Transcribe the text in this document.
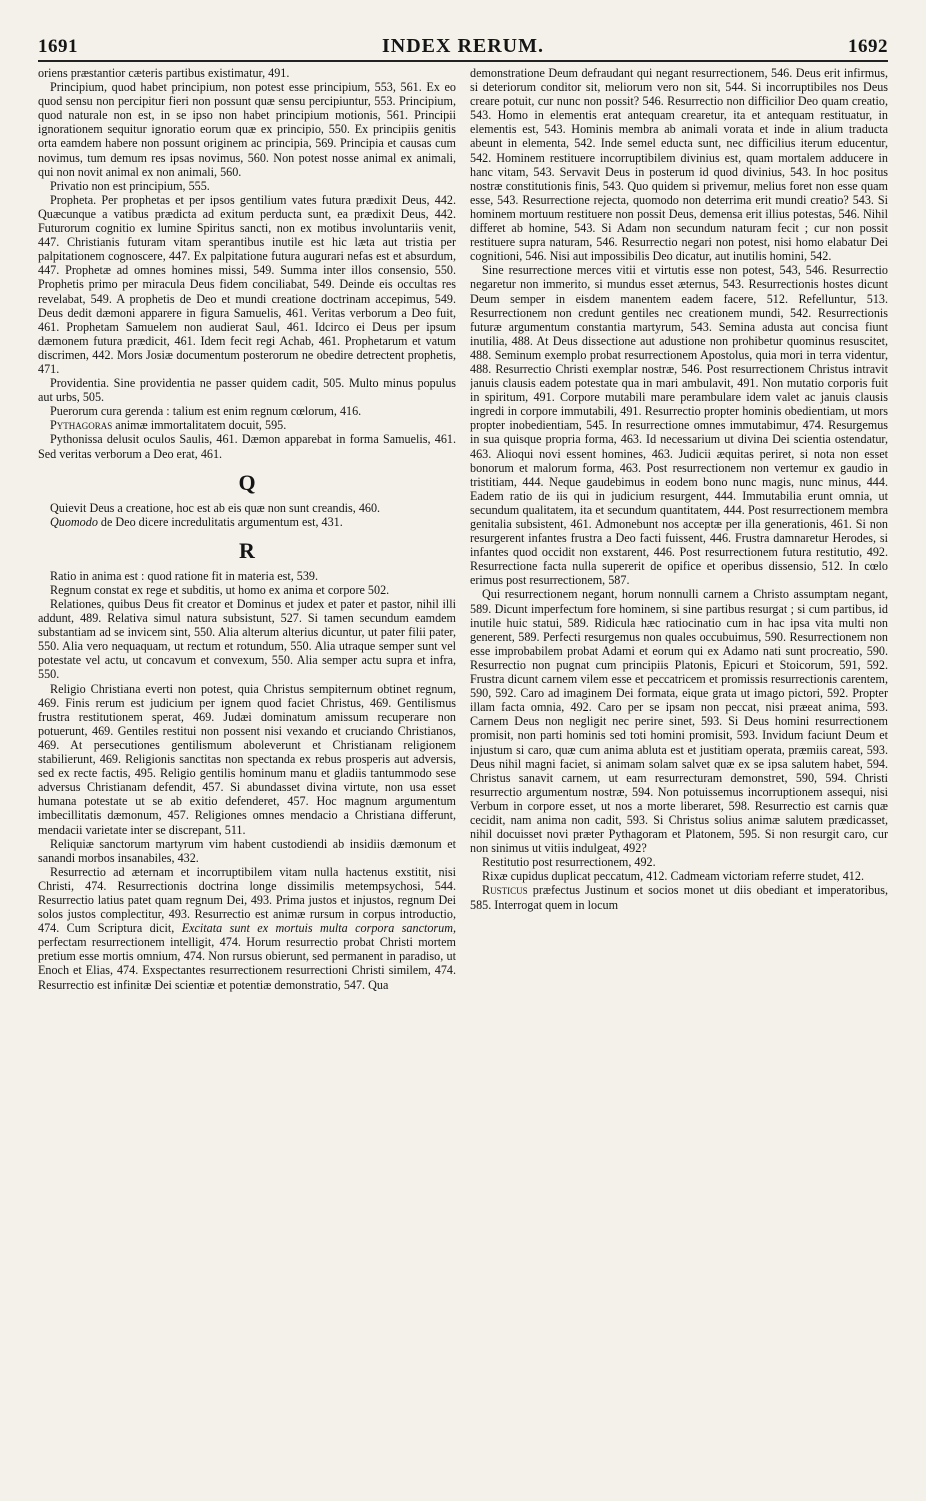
1691	INDEX RERUM.	1692

oriens præstantior cæteris partibus existimatur, 491.

Principium, quod habet principium, non potest esse principium, 553, 561. Ex eo quod sensu non percipitur fieri non possunt quæ sensu percipiuntur, 553. Principium, quod naturale non est, in se ipso non habet principium motionis, 561. Principii ignorationem sequitur ignoratio eorum quæ ex principio, 550. Ex principiis genitis orta eamdem habere non possunt originem ac principia, 569. Principia et causas cum novimus, tum demum res ipsas novimus, 560. Non potest nosse animal ex animali, qui non novit animal ex non animali, 560.

Privatio non est principium, 555.

Propheta. Per prophetas et per ipsos gentilium vates futura prædixit Deus, 442. Quæcunque a vatibus prædicta ad exitum perducta sunt, ea prædixit Deus, 442. Futurorum cognitio ex lumine Spiritus sancti, non ex motibus involuntariis venit, 447. Christianis futuram vitam sperantibus inutile est hic læta aut tristia per palpitationem cognoscere, 447. Ex palpitatione futura augurari nefas est et absurdum, 447. Prophetæ ad omnes homines missi, 549. Summa inter illos consensio, 550. Prophetis primo per miracula Deus fidem conciliabat, 549. Deinde eis occultas res revelabat, 549. A prophetis de Deo et mundi creatione doctrinam accepimus, 549. Deus dedit dæmoni apparere in figura Samuelis, 461. Veritas verborum a Deo fuit, 461. Prophetam Samuelem non audierat Saul, 461. Idcirco ei Deus per ipsum dæmonem futura prædicit, 461. Idem fecit regi Achab, 461. Prophetarum et vatum discrimen, 442. Mors Josiæ documentum posterorum ne obedire detrectent prophetis, 471.

Providentia. Sine providentia ne passer quidem cadit, 505. Multo minus populus aut urbs, 505.

Puerorum cura gerenda : talium est enim regnum cœlorum, 416.

Pythagoras animæ immortalitatem docuit, 595.

Pythonissa delusit oculos Saulis, 461. Dæmon apparebat in forma Samuelis, 461. Sed veritas verborum a Deo erat, 461.

Q

Quievit Deus a creatione, hoc est ab eis quæ non sunt creandis, 460.

Quomodo de Deo dicere incredulitatis argumentum est, 431.

R

Ratio in anima est : quod ratione fit in materia est, 539.

Regnum constat ex rege et subditis, ut homo ex anima et corpore 502.

Relationes, quibus Deus fit creator et Dominus et judex et pater et pastor, nihil illi addunt, 489. Relativa simul natura subsistunt, 527. Si tamen secundum eamdem substantiam ad se invicem sint, 550. Alia alterum alterius dicuntur, ut pater filii pater, 550. Alia vero nequaquam, ut rectum et rotundum, 550. Alia utraque semper sunt vel potestate vel actu, ut concavum et convexum, 550. Alia semper actu supra et infra, 550.

Religio Christiana everti non potest, quia Christus sempiternum obtinet regnum, 469. Finis rerum est judicium per ignem quod faciet Christus, 469. Gentilismus frustra restitutionem sperat, 469. Judæi dominatum amissum recuperare non potuerunt, 469. Gentiles restitui non possent nisi vexando et cruciando Christianos, 469. At persecutiones gentilismum aboleverunt et Christianam religionem stabilierunt, 469. Religionis sanctitas non spectanda ex rebus prosperis aut adversis, sed ex recte factis, 495. Religio gentilis hominum manu et gladiis tantummodo sese adversus Christianam defendit, 457. Si abundasset divina virtute, non usa esset humana potestate ut se ab exitio defenderet, 457. Hoc magnum argumentum imbecillitatis dæmonum, 457. Religiones omnes mendacio a Christiana differunt, mendacii varietate inter se discrepant, 511.

Reliquiæ sanctorum martyrum vim habent custodiendi ab insidiis dæmonum et sanandi morbos insanabiles, 432.

Resurrectio ad æternam et incorruptibilem vitam nulla hactenus exstitit, nisi Christi, 474. Resurrectionis doctrina longe dissimilis metempsychosi, 544. Resurrectio latius patet quam regnum Dei, 493. Prima justos et injustos, regnum Dei solos justos complectitur, 493. Resurrectio est animæ rursum in corpus introductio, 474. Cum Scriptura dicit, Excitata sunt ex mortuis multa corpora sanctorum, perfectam resurrectionem intelligit, 474. Horum resurrectio probat Christi mortem pretium esse mortis omnium, 474. Non rursus obierunt, sed permanent in paradiso, ut Enoch et Elias, 474. Exspectantes resurrectionem resurrectioni Christi similem, 474. Resurrectio est infinitæ Dei scientiæ et potentiæ demonstratio, 547. Qua

demonstratione Deum defraudant qui negant resurrectionem, 546. Deus erit infirmus, si deteriorum conditor sit, meliorum vero non sit, 544. Si incorruptibiles nos Deus creare potuit, cur nunc non possit? 546. Resurrectio non difficilior Deo quam creatio, 543. Homo in elementis erat antequam crearetur, ita et antequam restituatur, in elementis est, 543. Hominis membra ab animali vorata et inde in alium traducta abeunt in elementa, 542. Inde semel educta sunt, nec difficilius iterum educentur, 542. Hominem restituere incorruptibilem divinius est, quam mortalem adducere in hanc vitam, 543. Servavit Deus in posterum id quod divinius, 543. In hoc positus nostræ constitutionis finis, 543. Quo quidem si privemur, melius foret non esse quam esse, 543. Resurrectione rejecta, quomodo non deterrima erit mundi creatio? 543. Si hominem mortuum restituere non possit Deus, demensa erit illius potestas, 546. Nihil differet ab homine, 543. Si Adam non secundum naturam fecit ; cur non possit restituere supra naturam, 546. Resurrectio negari non potest, nisi homo elabatur Dei cognitioni, 546. Nisi aut impossibilis Deo dicatur, aut inutilis homini, 542.

Sine resurrectione merces vitii et virtutis esse non potest, 543, 546. Resurrectio negaretur non immerito, si mundus esset æternus, 543. Resurrectionis hostes dicunt Deum semper in eisdem manentem eadem facere, 512. Refelluntur, 513. Resurrectionem non credunt gentiles nec creationem mundi, 542. Resurrectionis futuræ argumentum constantia martyrum, 543. Semina adusta aut concisa fiunt inutilia, 488. At Deus dissectione aut adustione non prohibetur quominus resuscitet, 488. Seminum exemplo probat resurrectionem Apostolus, quia mori in terra videntur, 488. Resurrectio Christi exemplar nostræ, 546. Post resurrectionem Christus intravit januis clausis eadem potestate qua in mari ambulavit, 491. Non mutatio corporis fuit in spiritum, 491. Corpore mutabili mare perambulare idem valet ac januis clausis ingredi in corpore immutabili, 491. Resurrectio propter hominis obedientiam, ut mors propter inobedientiam, 545. In resurrectione omnes immutabimur, 474. Resurgemus in sua quisque propria forma, 463. Id necessarium ut divina Dei scientia ostendatur, 463. Alioqui novi essent homines, 463. Judicii æquitas periret, si nota non esset bonorum et malorum forma, 463. Post resurrectionem non vertemur ex gaudio in tristitiam, 444. Neque gaudebimus in eodem bono nunc magis, nunc minus, 444. Eadem ratio de iis qui in judicium resurgent, 444. Immutabilia erunt omnia, ut secundum qualitatem, ita et secundum quantitatem, 444. Post resurrectionem membra genitalia subsistent, 461. Admonebunt nos acceptæ per illa generationis, 461. Si non resurgerent infantes frustra a Deo facti fuissent, 446. Frustra damnaretur Herodes, si infantes quod occidit non exstarent, 446. Post resurrectionem futura restitutio, 492. Resurrectione facta nulla supererit de opifice et operibus dissensio, 512. In cœlo erimus post resurrectionem, 587.

Qui resurrectionem negant, horum nonnulli carnem a Christo assumptam negant, 589. Dicunt imperfectum fore hominem, si sine partibus resurgat ; si cum partibus, id inutile huic statui, 589. Ridicula hæc ratiocinatio cum in hac ipsa vita multi non generent, 589. Perfecti resurgemus non quales occubuimus, 590. Resurrectionem non esse improbabilem probat Adami et eorum qui ex Adamo nati sunt procreatio, 590. Resurrectio non pugnat cum principiis Platonis, Epicuri et Stoicorum, 591, 592. Frustra dicunt carnem vilem esse et peccatricem et promissis resurrectionis carentem, 590, 592. Caro ad imaginem Dei formata, eique grata ut imago pictori, 592. Propter illam facta omnia, 492. Caro per se ipsam non peccat, nisi præeat anima, 593. Carnem Deus non negligit nec perire sinet, 593. Si Deus homini resurrectionem promisit, non parti hominis sed toti homini promisit, 593. Invidum faciunt Deum et injustum si caro, quæ cum anima abluta est et justitiam operata, præmiis careat, 593. Deus nihil magni faciet, si animam solam salvet quæ ex se ipsa salutem habet, 594. Christus sanavit carnem, ut eam resurrecturam demonstret, 590, 594. Christi resurrectio argumentum nostræ, 594. Non potuissemus incorruptionem assequi, nisi Verbum in corpore esset, ut nos a morte liberaret, 598. Resurrectio est carnis quæ cecidit, nam anima non cadit, 593. Si Christus solius animæ salutem prædicasset, nihil docuisset novi præter Pythagoram et Platonem, 595. Si non resurgit caro, cur non sinimus ut vitiis indulgeat, 492?

Restitutio post resurrectionem, 492.

Rixæ cupidus duplicat peccatum, 412. Cadmeam victoriam referre studet, 412.

Rusticus præfectus Justinum et socios monet ut diis obediant et imperatoribus, 585. Interrogat quem in locum
